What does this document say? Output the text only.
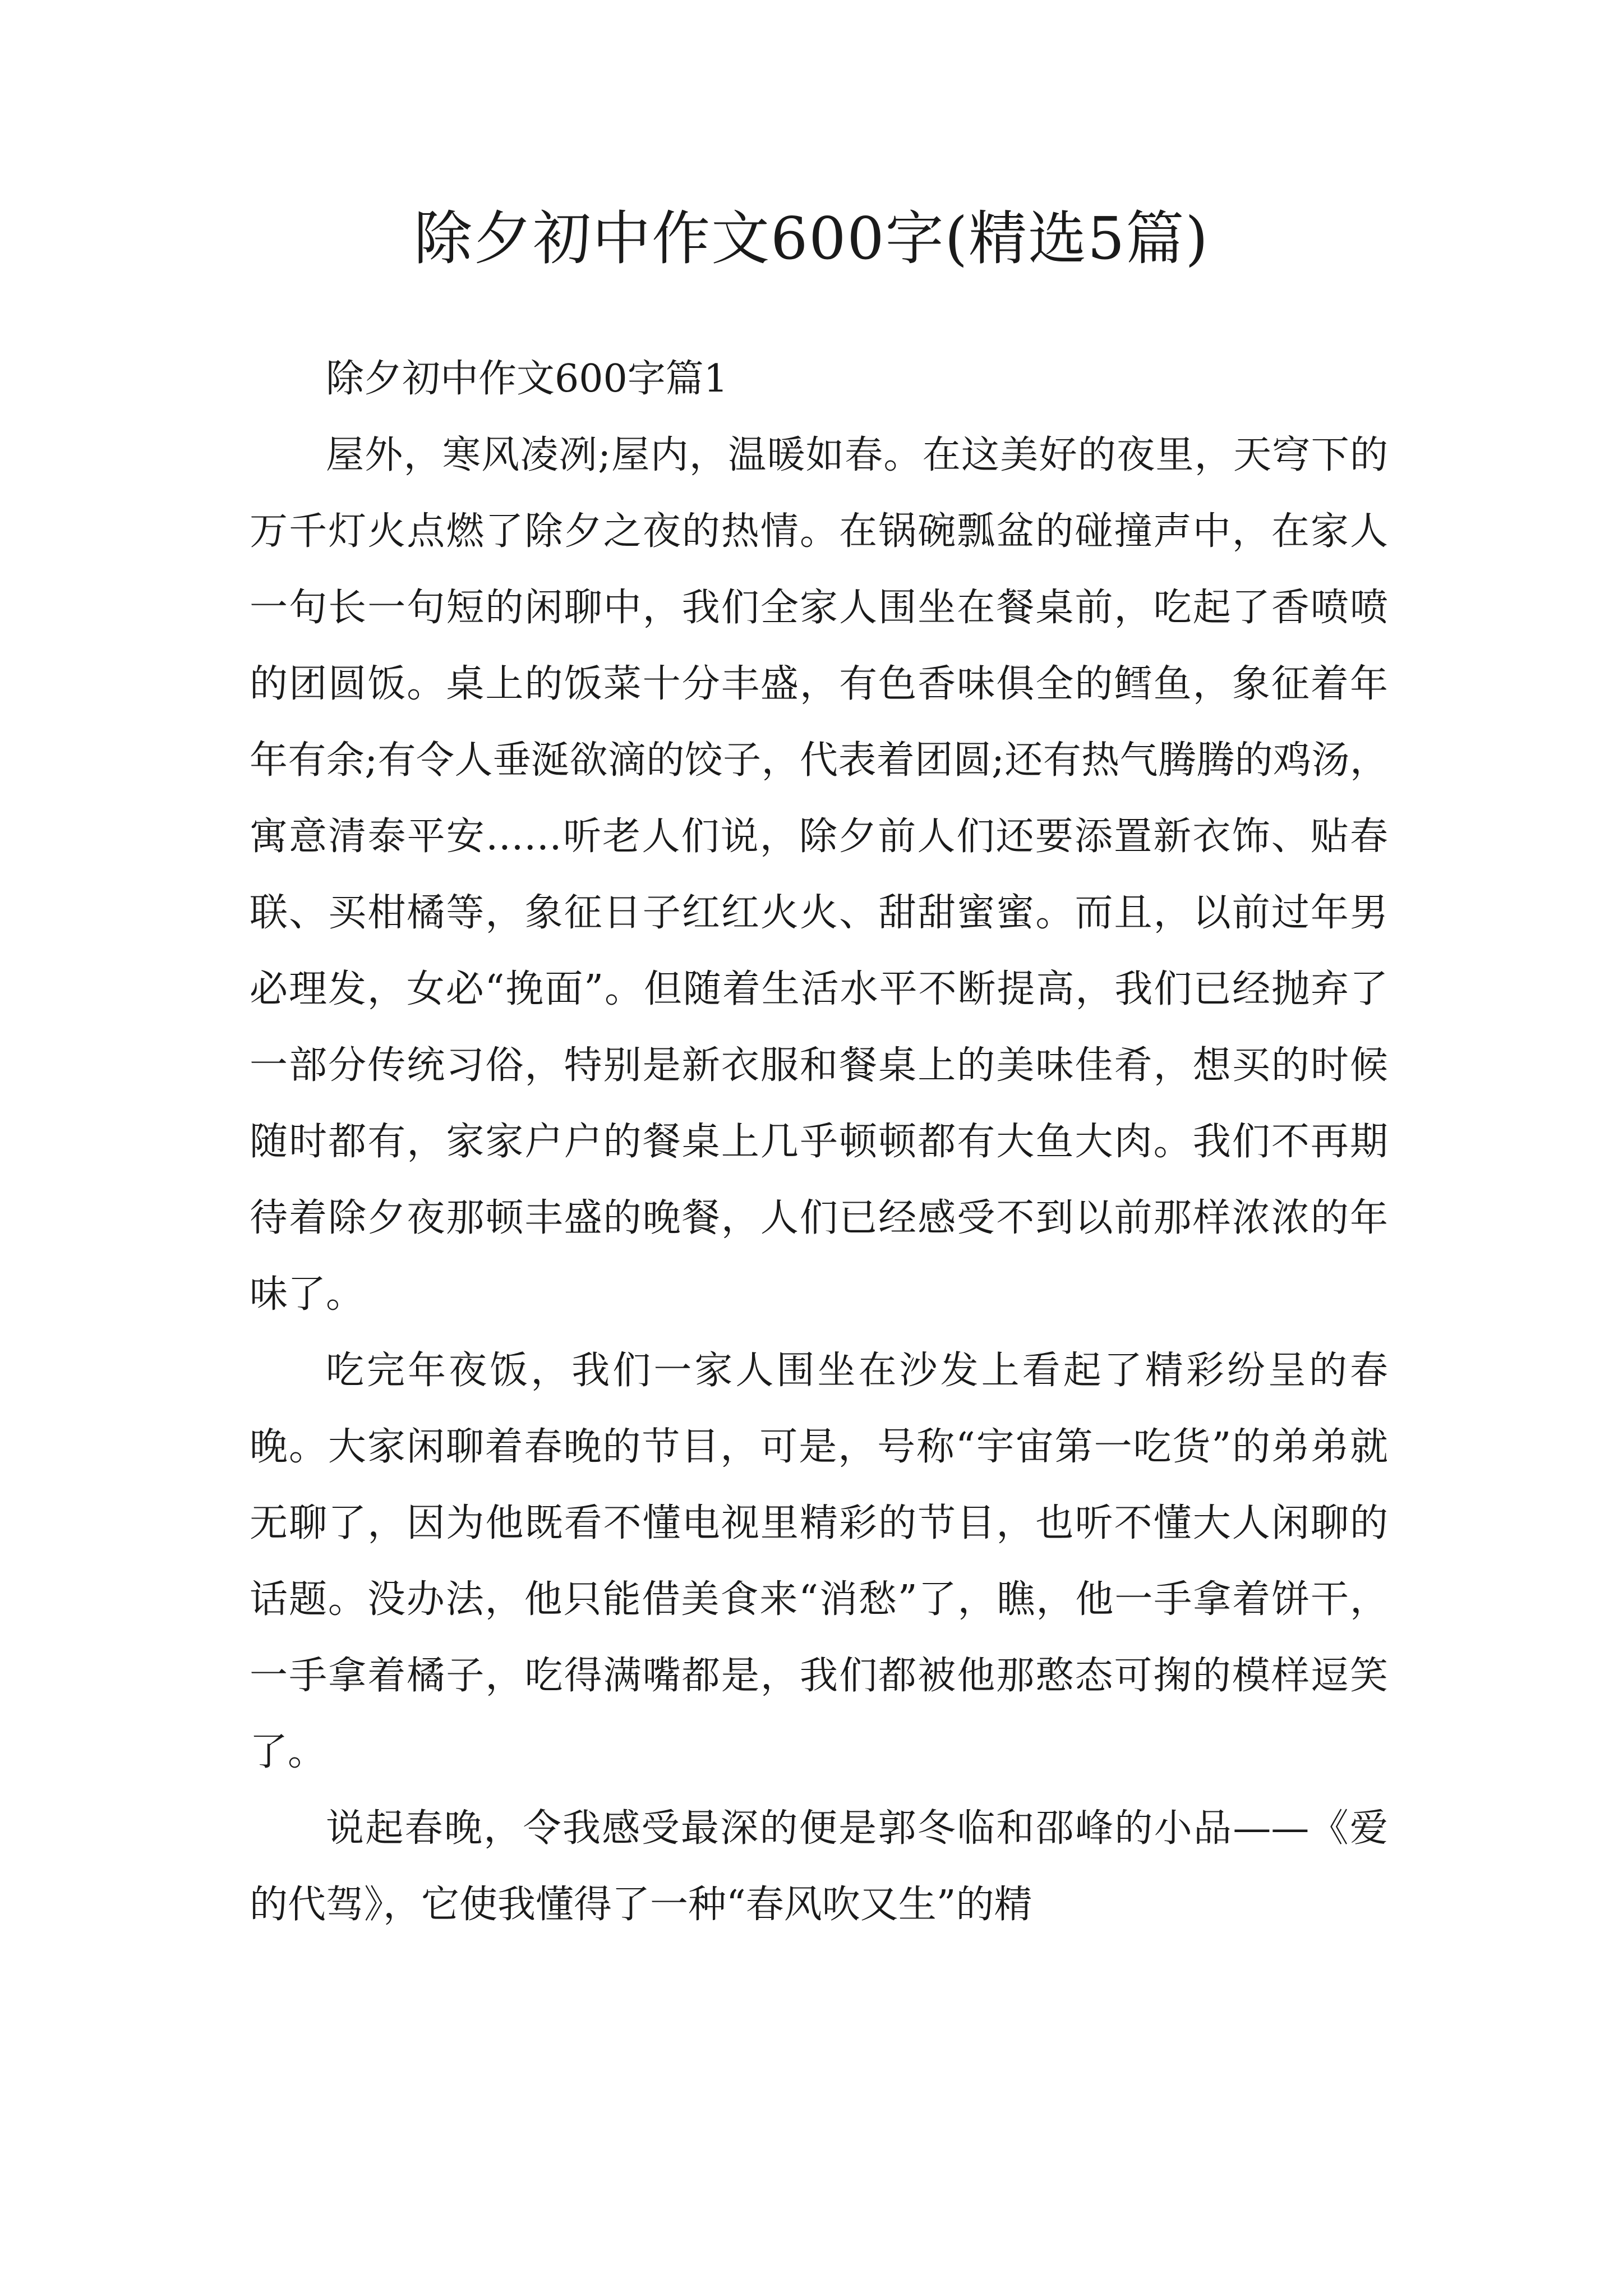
除夕初中作文600字(精选5篇)

除夕初中作文600字篇1

屋外，寒风凌冽;屋内，温暖如春。在这美好的夜里，天穹下的万千灯火点燃了除夕之夜的热情。在锅碗瓢盆的碰撞声中，在家人一句长一句短的闲聊中，我们全家人围坐在餐桌前，吃起了香喷喷的团圆饭。桌上的饭菜十分丰盛，有色香味俱全的鳕鱼，象征着年年有余;有令人垂涎欲滴的饺子，代表着团圆;还有热气腾腾的鸡汤，寓意清泰平安……听老人们说，除夕前人们还要添置新衣饰、贴春联、买柑橘等，象征日子红红火火、甜甜蜜蜜。而且，以前过年男必理发，女必“挽面”。但随着生活水平不断提高，我们已经抛弃了一部分传统习俗，特别是新衣服和餐桌上的美味佳肴，想买的时候随时都有，家家户户的餐桌上几乎顿顿都有大鱼大肉。我们不再期待着除夕夜那顿丰盛的晚餐，人们已经感受不到以前那样浓浓的年味了。

吃完年夜饭，我们一家人围坐在沙发上看起了精彩纷呈的春晚。大家闲聊着春晚的节目，可是，号称“宇宙第一吃货”的弟弟就无聊了，因为他既看不懂电视里精彩的节目，也听不懂大人闲聊的话题。没办法，他只能借美食来“消愁”了，瞧，他一手拿着饼干，一手拿着橘子，吃得满嘴都是，我们都被他那憨态可掬的模样逗笑了。

说起春晚，令我感受最深的便是郭冬临和邵峰的小品——《爱的代驾》，它使我懂得了一种“春风吹又生”的精
